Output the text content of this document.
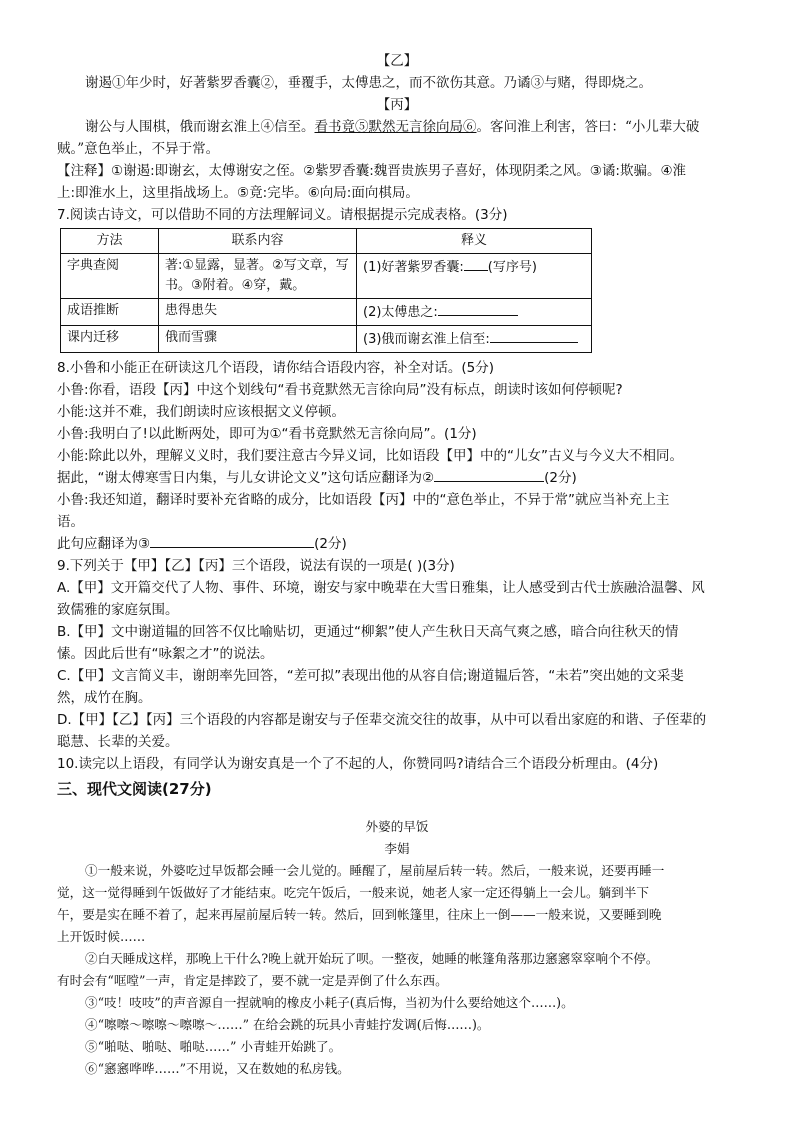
【乙】

谢遏①年少时，好著紫罗香囊②，垂覆手，太傅患之，而不欲伤其意。乃谲③与赌，得即烧之。

【丙】

谢公与人围棋，俄而谢玄淮上④信至。看书竟⑤默然无言徐向局⑥。客问淮上利害，答曰：“小儿辈大破

贼。”意色举止，不异于常。

【注释】①谢遏:即谢玄，太傅谢安之侄。②紫罗香囊:魏晋贵族男子喜好，体现阴柔之风。③谲:欺骗。④淮

上:即淮水上，这里指战场上。⑤竟:完毕。⑥向局:面向棋局。

7.阅读古诗文，可以借助不同的方法理解词义。请根据提示完成表格。(3分)

方法	联系内容	释义
字典查阅	著:①显露，显著。②写文章，写书。③附着。④穿，戴。	(1)好著紫罗香囊: (写序号)
成语推断	患得患失	(2)太傅患之:
课内迁移	俄而雪骤	(3)俄而谢玄淮上信至:

8.小鲁和小能正在研读这几个语段，请你结合语段内容，补全对话。(5分)

小鲁:你看，语段【丙】中这个划线句“看书竟默然无言徐向局”没有标点，朗读时该如何停顿呢?

小能:这并不难，我们朗读时应该根据文义停顿。

小鲁:我明白了!以此断两处，即可为①“看书竟默然无言徐向局”。(1分)

小能:除此以外，理解义义时，我们要注意古今异义词，比如语段【甲】中的“儿女”古义与今义大不相同。

据此，“谢太傅寒雪日内集，与儿女讲论文义”这句话应翻译为②	(2分)

小鲁:我还知道，翻译时要补充省略的成分，比如语段【丙】中的“意色举止，不异于常”就应当补充上主

语。

此句应翻译为③	(2分)

9.下列关于【甲】【乙】【丙】三个语段，说法有误的一项是( )(3分)

A.【甲】文开篇交代了人物、事件、环境，谢安与家中晚辈在大雪日雅集，让人感受到古代士族融洽温馨、风

致儒雅的家庭氛围。

B.【甲】文中谢道韫的回答不仅比喻贴切，更通过“柳絮”使人产生秋日天高气爽之感，暗合向往秋天的情

愫。因此后世有“咏絮之才”的说法。

C.【甲】文言简义丰，谢朗率先回答，“差可拟”表现出他的从容自信;谢道韫后答，“未若”突出她的文采斐

然，成竹在胸。

D.【甲】【乙】【丙】三个语段的内容都是谢安与子侄辈交流交往的故事，从中可以看出家庭的和谐、子侄辈的

聪慧、长辈的关爱。

10.读完以上语段，有同学认为谢安真是一个了不起的人，你赞同吗?请结合三个语段分析理由。(4分)

三、现代文阅读(27分)

外婆的早饭

李娟

①一般来说，外婆吃过早饭都会睡一会儿觉的。睡醒了，屋前屋后转一转。然后，一般来说，还要再睡一

觉，这一觉得睡到午饭做好了才能结束。吃完午饭后，一般来说，她老人家一定还得躺上一会儿。躺到半下

午，要是实在睡不着了，起来再屋前屋后转一转。然后，回到帐篷里，往床上一倒——一般来说，又要睡到晚

上开饭时候……

②白天睡成这样，那晚上干什么?晚上就开始玩了呗。一整夜，她睡的帐篷角落那边窸窸窣窣响个不停。

有时会有“哐嘡”一声，肯定是摔跤了，要不就一定是弄倒了什么东西。

③“吱！吱吱”的声音源自一捏就响的橡皮小耗子(真后悔，当初为什么要给她这个……)。

④“嚓嚓～嚓嚓～嚓嚓～……” 在给会跳的玩具小青蛙拧发调(后悔……)。

⑤“啪哒、啪哒、啪哒……” 小青蛙开始跳了。

⑥“窸窸哗哗……”不用说，又在数她的私房钱。
